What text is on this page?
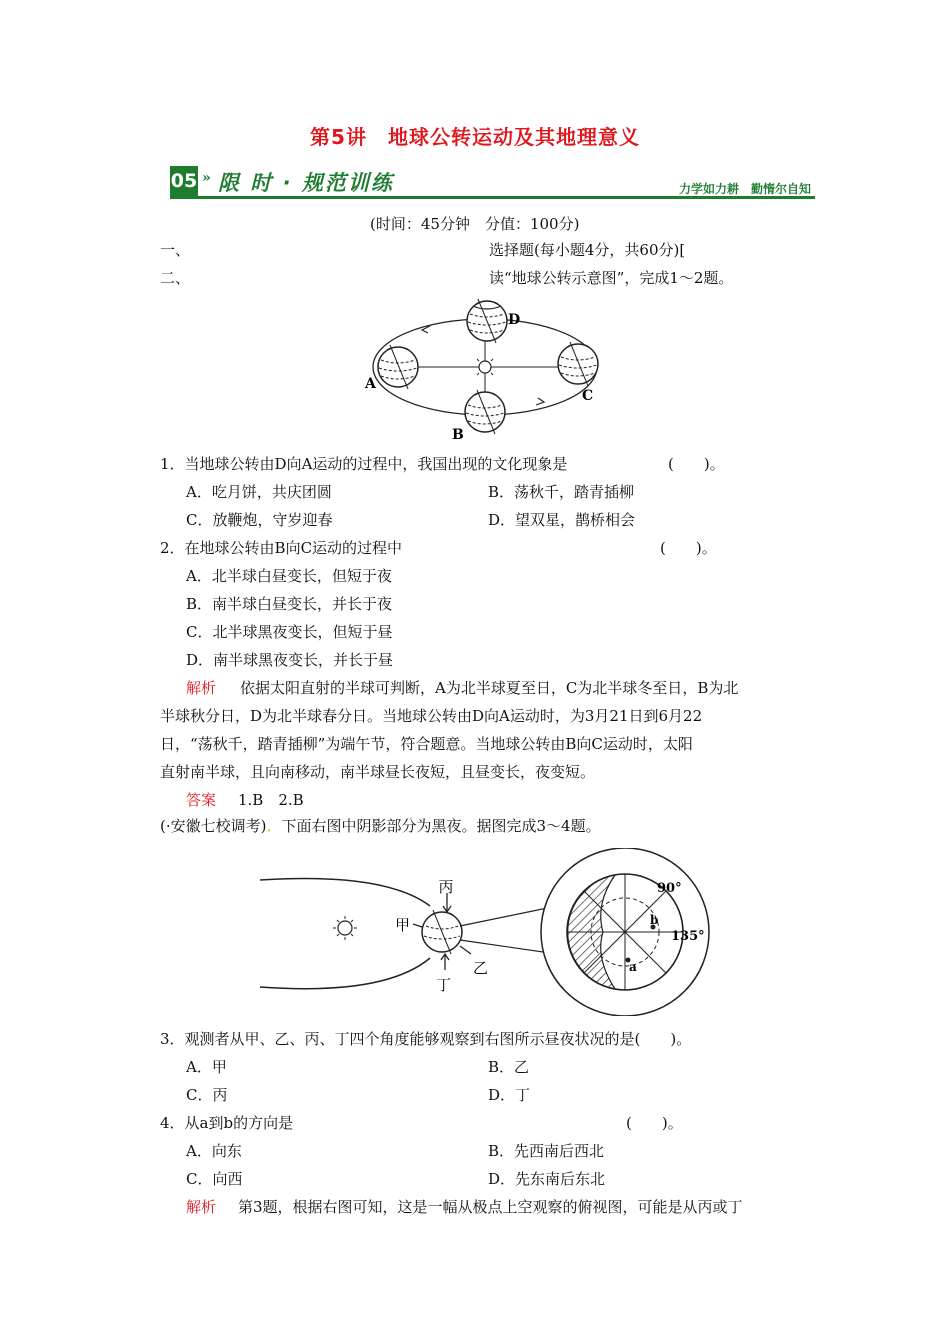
第5讲　地球公转运动及其地理意义
05 » 限 时 · 规范训练	力学如力耕　勤惰尔自知
(时间：45分钟　分值：100分)
一、	选择题(每小题4分，共60分)[
二、	读“地球公转示意图”，完成1～2题。
D
A
C
B
1．当地球公转由D向A运动的过程中，我国出现的文化现象是	(　　)。
A．吃月饼，共庆团圆	B．荡秋千，踏青插柳
C．放鞭炮，守岁迎春	D．望双星，鹊桥相会
2．在地球公转由B向C运动的过程中	(　　)。
A．北半球白昼变长，但短于夜
B．南半球白昼变长，并长于夜
C．北半球黑夜变长，但短于昼
D．南半球黑夜变长，并长于昼
解析 依据太阳直射的半球可判断，A为北半球夏至日，C为北半球冬至日，B为北
半球秋分日，D为北半球春分日。当地球公转由D向A运动时，为3月21日到6月22
日，“荡秋千，踏青插柳”为端午节，符合题意。当地球公转由B向C运动时，太阳
直射南半球，且向南移动，南半球昼长夜短，且昼变长，夜变短。
答案 1.B　2.B
(·安徽七校调考)．下面右图中阴影部分为黑夜。据图完成3～4题。
丙
甲
乙
丁
90°
135°
a
b
3．观测者从甲、乙、丙、丁四个角度能够观察到右图所示昼夜状况的是(　　)。
A．甲	B．乙
C．丙	D．丁
4．从a到b的方向是	(　　)。
A．向东	B．先西南后西北
C．向西	D．先东南后东北
解析 第3题，根据右图可知，这是一幅从极点上空观察的俯视图，可能是从丙或丁
